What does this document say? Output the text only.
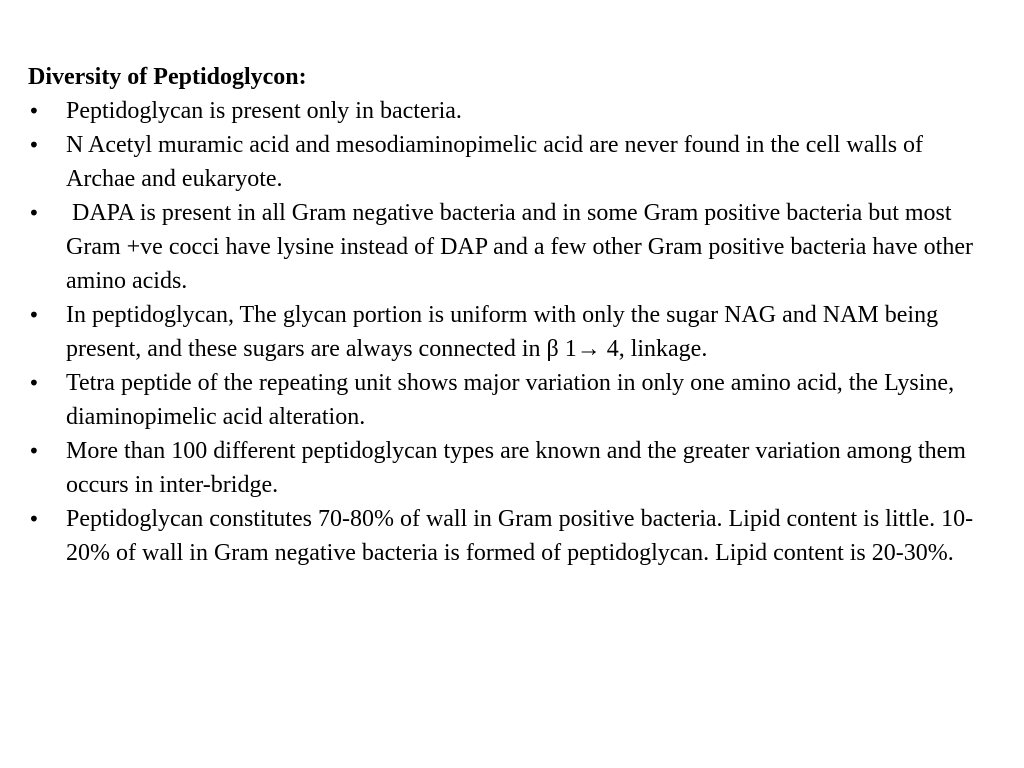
Diversity of Peptidoglycon:

•	Peptidoglycan is present only in bacteria.
•	N Acetyl muramic acid and mesodiaminopimelic acid are never found in the cell walls of Archae and eukaryote.
•	DAPA is present in all Gram negative bacteria and in some Gram positive bacteria but most Gram +ve cocci have lysine instead of DAP and a few other Gram positive bacteria have other amino acids.
•	In peptidoglycan, The glycan portion is uniform with only the sugar NAG and NAM being present, and these sugars are always connected in β 1→ 4, linkage.
•	Tetra peptide of the repeating unit shows major variation in only one amino acid, the Lysine, diaminopimelic acid alteration.
•	More than 100 different peptidoglycan types are known and the greater variation among them occurs in inter-bridge.
•	Peptidoglycan constitutes 70-80% of wall in Gram positive bacteria. Lipid content is little. 10-20% of wall in Gram negative bacteria is formed of peptidoglycan. Lipid content is 20-30%.
